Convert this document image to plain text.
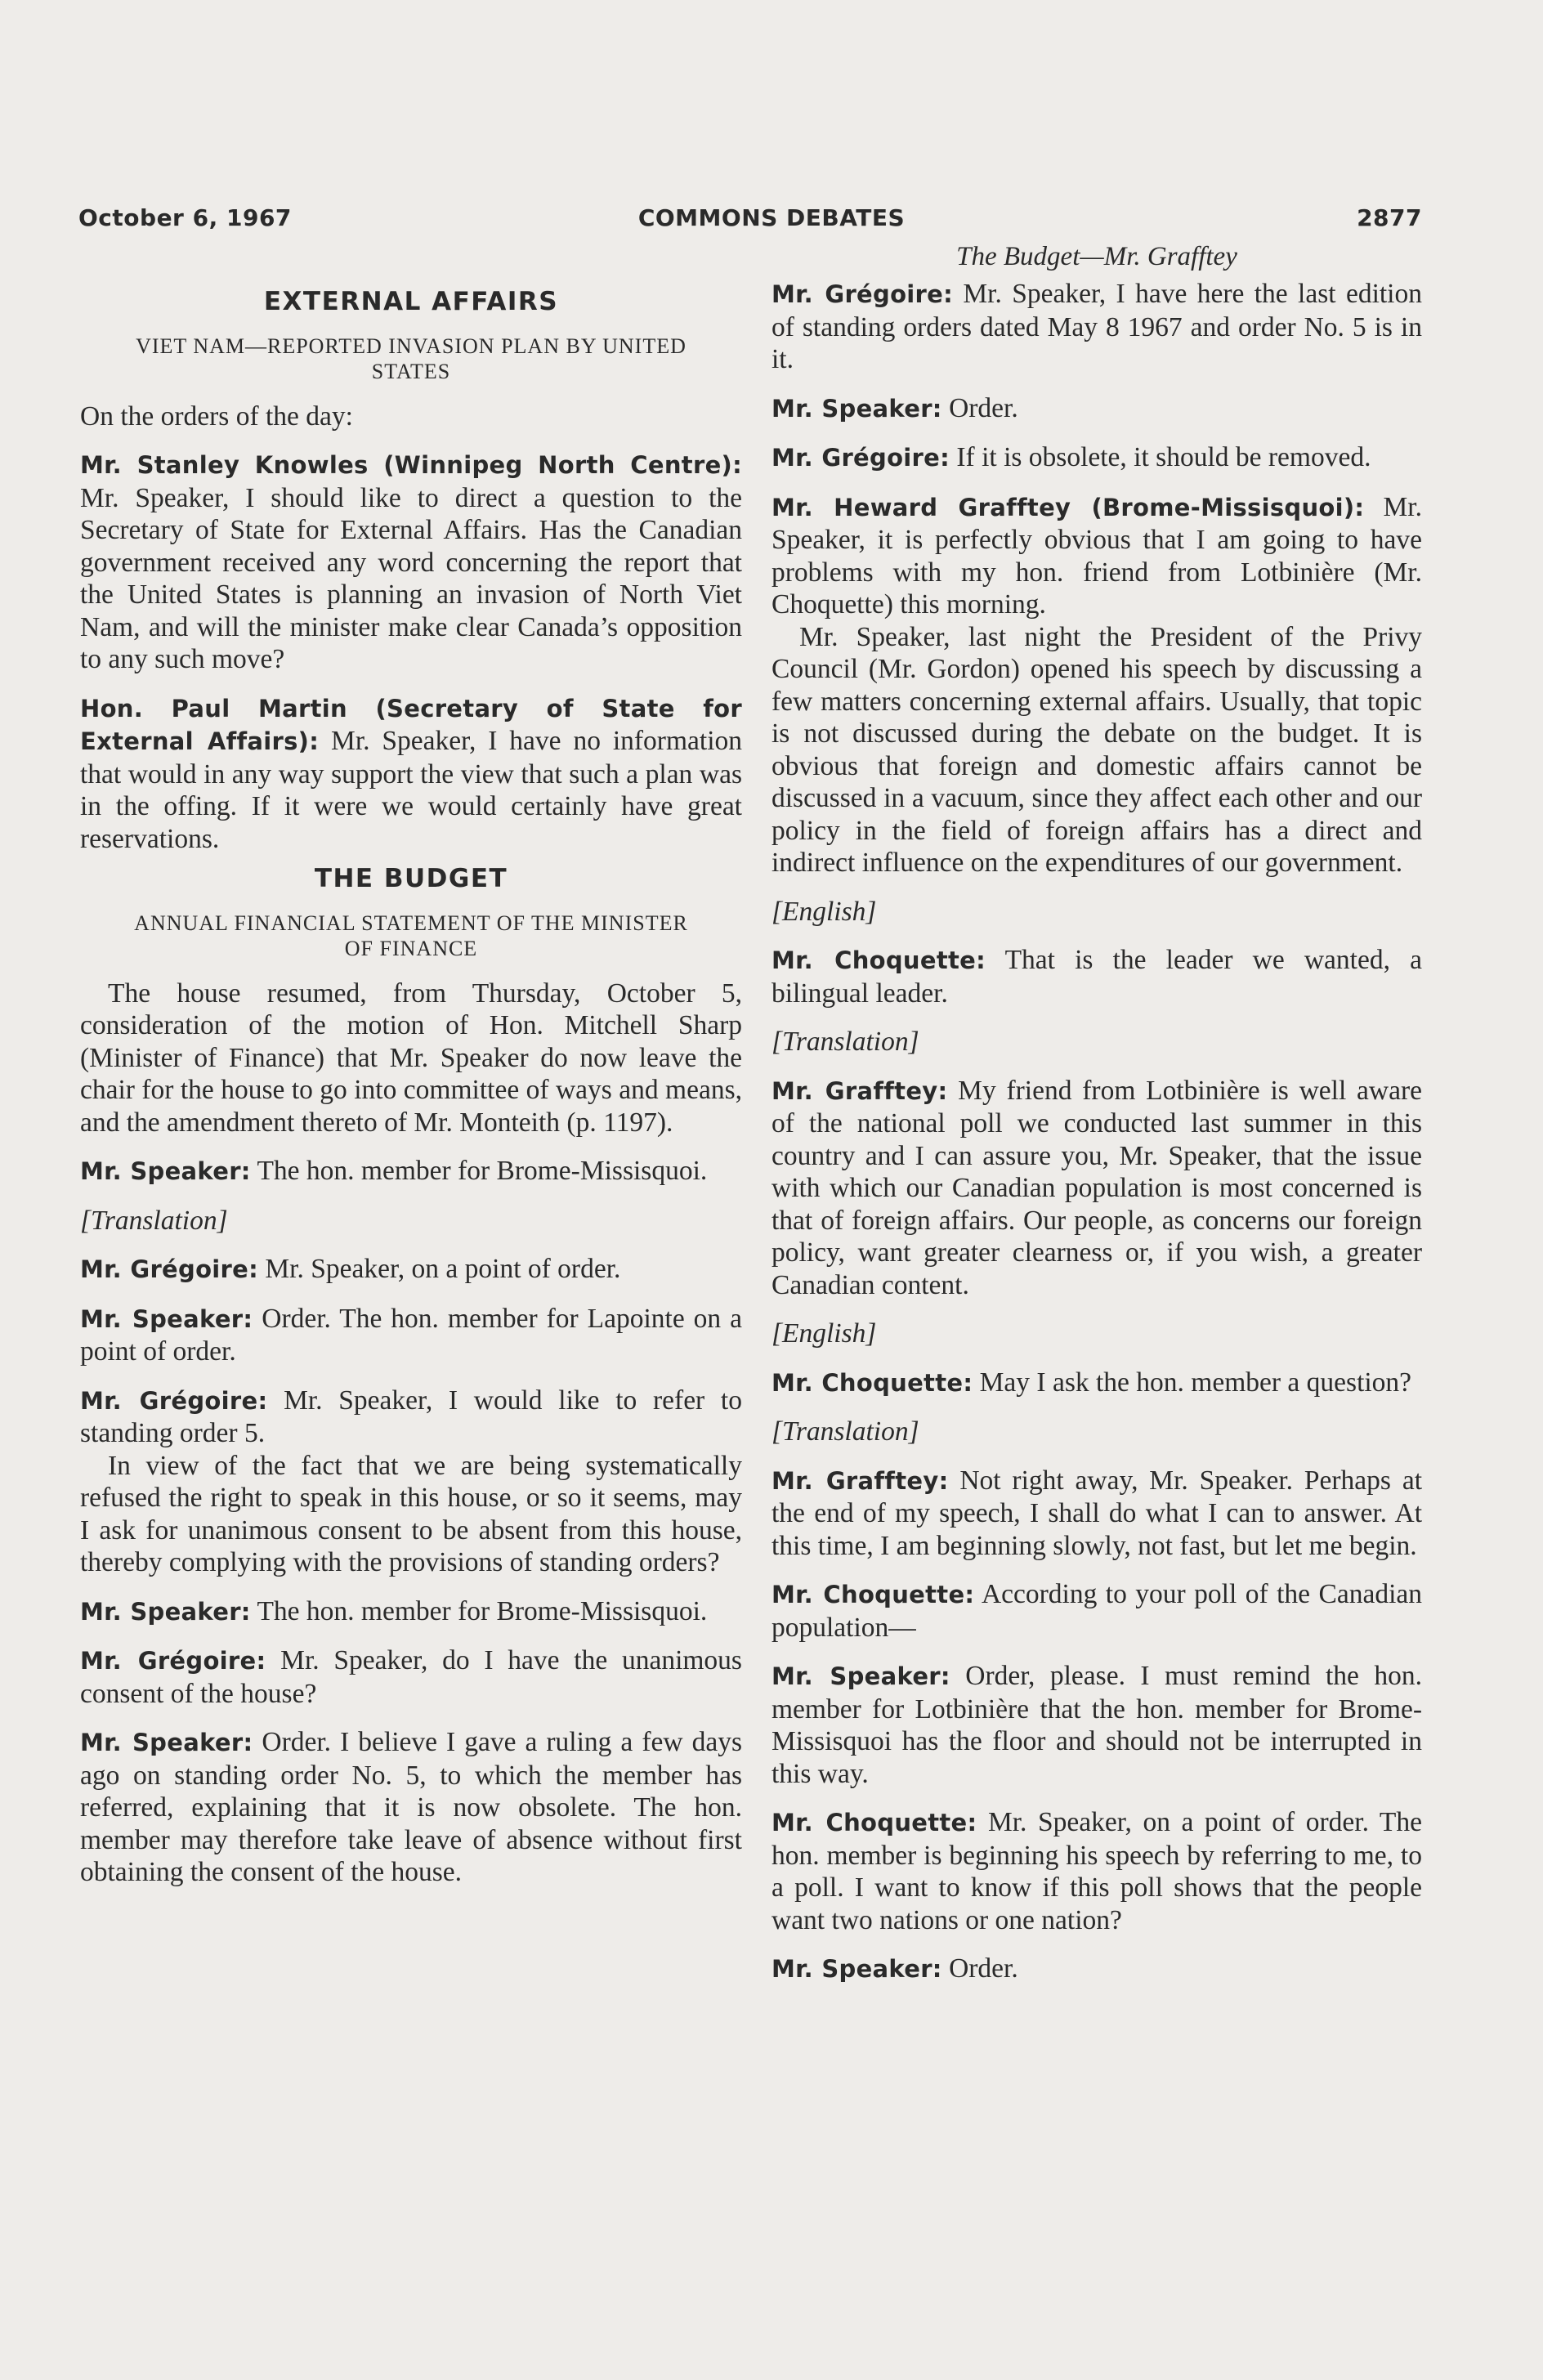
October 6, 1967	COMMONS DEBATES	2877
The Budget—Mr. Grafftey

EXTERNAL AFFAIRS

VIET NAM—REPORTED INVASION PLAN BY UNITED STATES

On the orders of the day:

Mr. Stanley Knowles (Winnipeg North Centre): Mr. Speaker, I should like to direct a question to the Secretary of State for External Affairs. Has the Canadian government received any word concerning the report that the United States is planning an invasion of North Viet Nam, and will the minister make clear Canada’s opposition to any such move?

Hon. Paul Martin (Secretary of State for External Affairs): Mr. Speaker, I have no information that would in any way support the view that such a plan was in the offing. If it were we would certainly have great reservations.

THE BUDGET

ANNUAL FINANCIAL STATEMENT OF THE MINISTER OF FINANCE

The house resumed, from Thursday, October 5, consideration of the motion of Hon. Mitchell Sharp (Minister of Finance) that Mr. Speaker do now leave the chair for the house to go into committee of ways and means, and the amendment thereto of Mr. Monteith (p. 1197).

Mr. Speaker: The hon. member for Brome-Missisquoi.

[Translation]

Mr. Grégoire: Mr. Speaker, on a point of order.

Mr. Speaker: Order. The hon. member for Lapointe on a point of order.

Mr. Grégoire: Mr. Speaker, I would like to refer to standing order 5.

In view of the fact that we are being systematically refused the right to speak in this house, or so it seems, may I ask for unanimous consent to be absent from this house, thereby complying with the provisions of standing orders?

Mr. Speaker: The hon. member for Brome-Missisquoi.

Mr. Grégoire: Mr. Speaker, do I have the unanimous consent of the house?

Mr. Speaker: Order. I believe I gave a ruling a few days ago on standing order No. 5, to which the member has referred, explaining that it is now obsolete. The hon. member may therefore take leave of absence without first obtaining the consent of the house.

Mr. Grégoire: Mr. Speaker, I have here the last edition of standing orders dated May 8 1967 and order No. 5 is in it.

Mr. Speaker: Order.

Mr. Grégoire: If it is obsolete, it should be removed.

Mr. Heward Grafftey (Brome-Missisquoi): Mr. Speaker, it is perfectly obvious that I am going to have problems with my hon. friend from Lotbinière (Mr. Choquette) this morning.

Mr. Speaker, last night the President of the Privy Council (Mr. Gordon) opened his speech by discussing a few matters concerning external affairs. Usually, that topic is not discussed during the debate on the budget. It is obvious that foreign and domestic affairs cannot be discussed in a vacuum, since they affect each other and our policy in the field of foreign affairs has a direct and indirect influence on the expenditures of our government.

[English]

Mr. Choquette: That is the leader we wanted, a bilingual leader.

[Translation]

Mr. Grafftey: My friend from Lotbinière is well aware of the national poll we conducted last summer in this country and I can assure you, Mr. Speaker, that the issue with which our Canadian population is most concerned is that of foreign affairs. Our people, as concerns our foreign policy, want greater clearness or, if you wish, a greater Canadian content.

[English]

Mr. Choquette: May I ask the hon. member a question?

[Translation]

Mr. Grafftey: Not right away, Mr. Speaker. Perhaps at the end of my speech, I shall do what I can to answer. At this time, I am beginning slowly, not fast, but let me begin.

Mr. Choquette: According to your poll of the Canadian population—

Mr. Speaker: Order, please. I must remind the hon. member for Lotbinière that the hon. member for Brome-Missisquoi has the floor and should not be interrupted in this way.

Mr. Choquette: Mr. Speaker, on a point of order. The hon. member is beginning his speech by referring to me, to a poll. I want to know if this poll shows that the people want two nations or one nation?

Mr. Speaker: Order.
